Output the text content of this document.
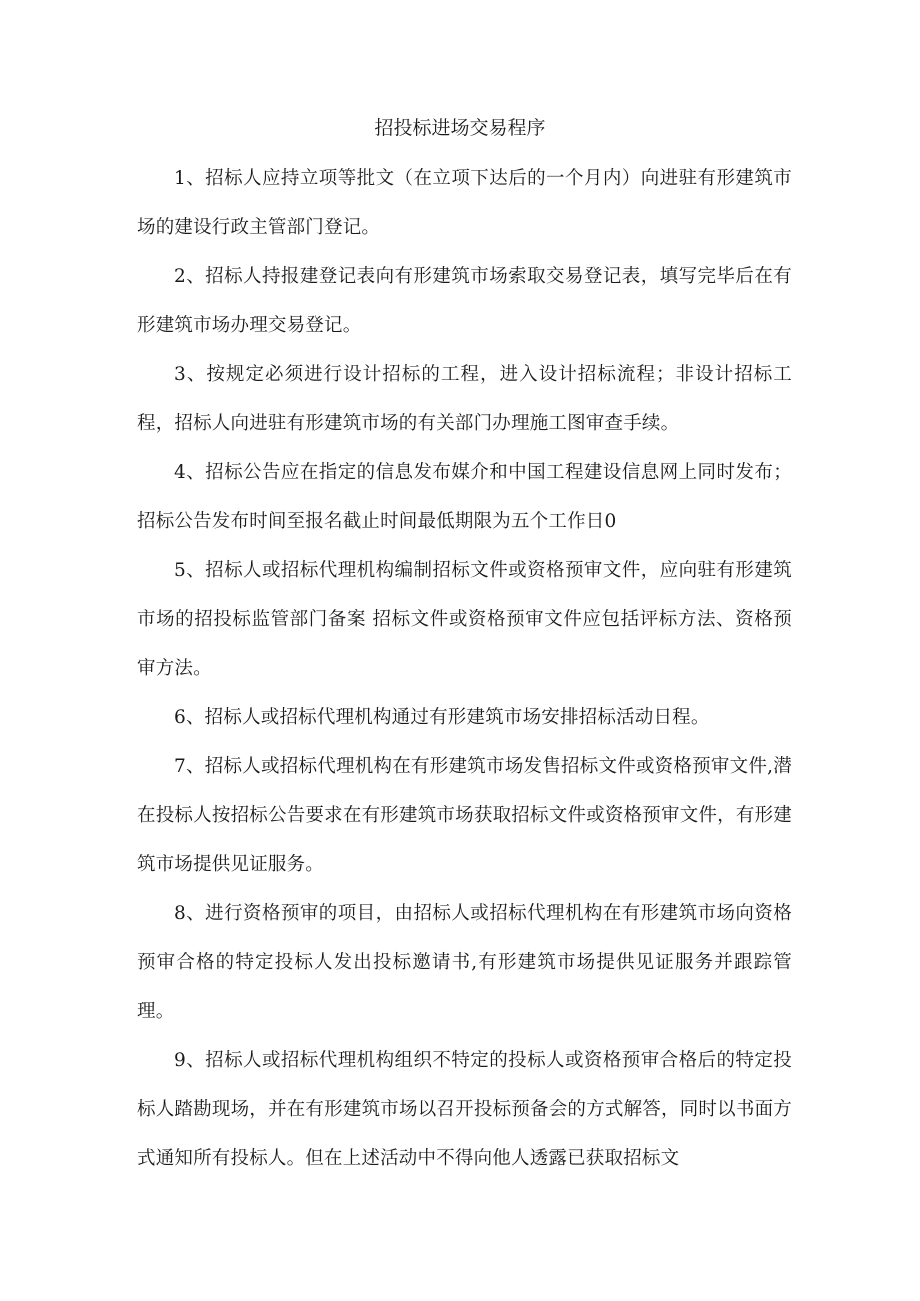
招投标进场交易程序

1、招标人应持立项等批文（在立项下达后的一个月内）向进驻有形建筑市场的建设行政主管部门登记。

2、招标人持报建登记表向有形建筑市场索取交易登记表，填写完毕后在有形建筑市场办理交易登记。

3、按规定必须进行设计招标的工程，进入设计招标流程；非设计招标工程，招标人向进驻有形建筑市场的有关部门办理施工图审查手续。

4、招标公告应在指定的信息发布媒介和中国工程建设信息网上同时发布；招标公告发布时间至报名截止时间最低期限为五个工作日0

5、招标人或招标代理机构编制招标文件或资格预审文件，应向驻有形建筑市场的招投标监管部门备案 招标文件或资格预审文件应包括评标方法、资格预审方法。

6、招标人或招标代理机构通过有形建筑市场安排招标活动日程。

7、招标人或招标代理机构在有形建筑市场发售招标文件或资格预审文件,潜在投标人按招标公告要求在有形建筑市场获取招标文件或资格预审文件，有形建筑市场提供见证服务。

8、进行资格预审的项目，由招标人或招标代理机构在有形建筑市场向资格预审合格的特定投标人发出投标邀请书,有形建筑市场提供见证服务并跟踪管理。

9、招标人或招标代理机构组织不特定的投标人或资格预审合格后的特定投标人踏勘现场，并在有形建筑市场以召开投标预备会的方式解答，同时以书面方式通知所有投标人。但在上述活动中不得向他人透露已获取招标文
